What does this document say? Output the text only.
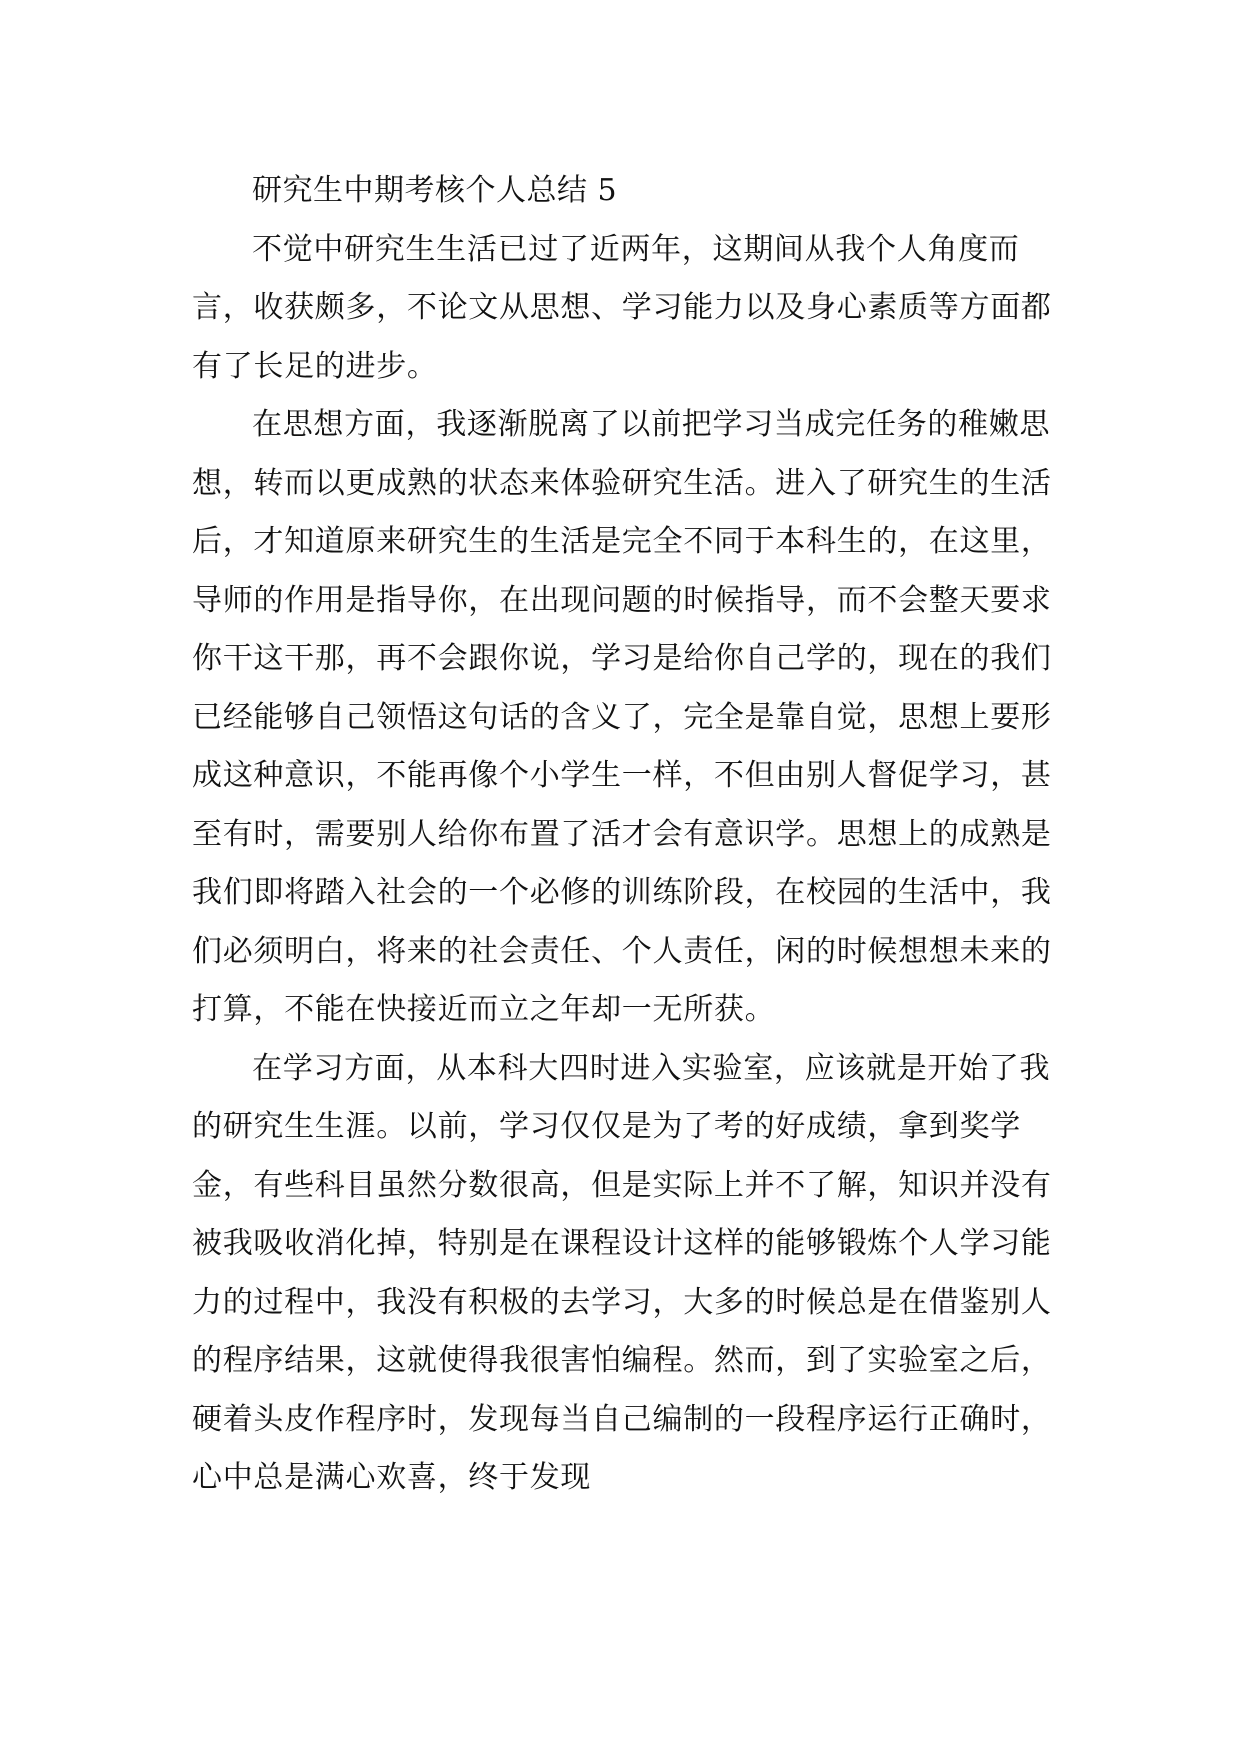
研究生中期考核个人总结 5

不觉中研究生生活已过了近两年，这期间从我个人角度而言，收获颇多，不论文从思想、学习能力以及身心素质等方面都有了长足的进步。

在思想方面，我逐渐脱离了以前把学习当成完任务的稚嫩思想，转而以更成熟的状态来体验研究生活。进入了研究生的生活后，才知道原来研究生的生活是完全不同于本科生的，在这里，导师的作用是指导你，在出现问题的时候指导，而不会整天要求你干这干那，再不会跟你说，学习是给你自己学的，现在的我们已经能够自己领悟这句话的含义了，完全是靠自觉，思想上要形成这种意识，不能再像个小学生一样，不但由别人督促学习，甚至有时，需要别人给你布置了活才会有意识学。思想上的成熟是我们即将踏入社会的一个必修的训练阶段，在校园的生活中，我们必须明白，将来的社会责任、个人责任，闲的时候想想未来的打算，不能在快接近而立之年却一无所获。

在学习方面，从本科大四时进入实验室，应该就是开始了我的研究生生涯。以前，学习仅仅是为了考的好成绩，拿到奖学金，有些科目虽然分数很高，但是实际上并不了解，知识并没有被我吸收消化掉，特别是在课程设计这样的能够锻炼个人学习能力的过程中，我没有积极的去学习，大多的时候总是在借鉴别人的程序结果，这就使得我很害怕编程。然而，到了实验室之后，硬着头皮作程序时，发现每当自己编制的一段程序运行正确时，心中总是满心欢喜，终于发现
